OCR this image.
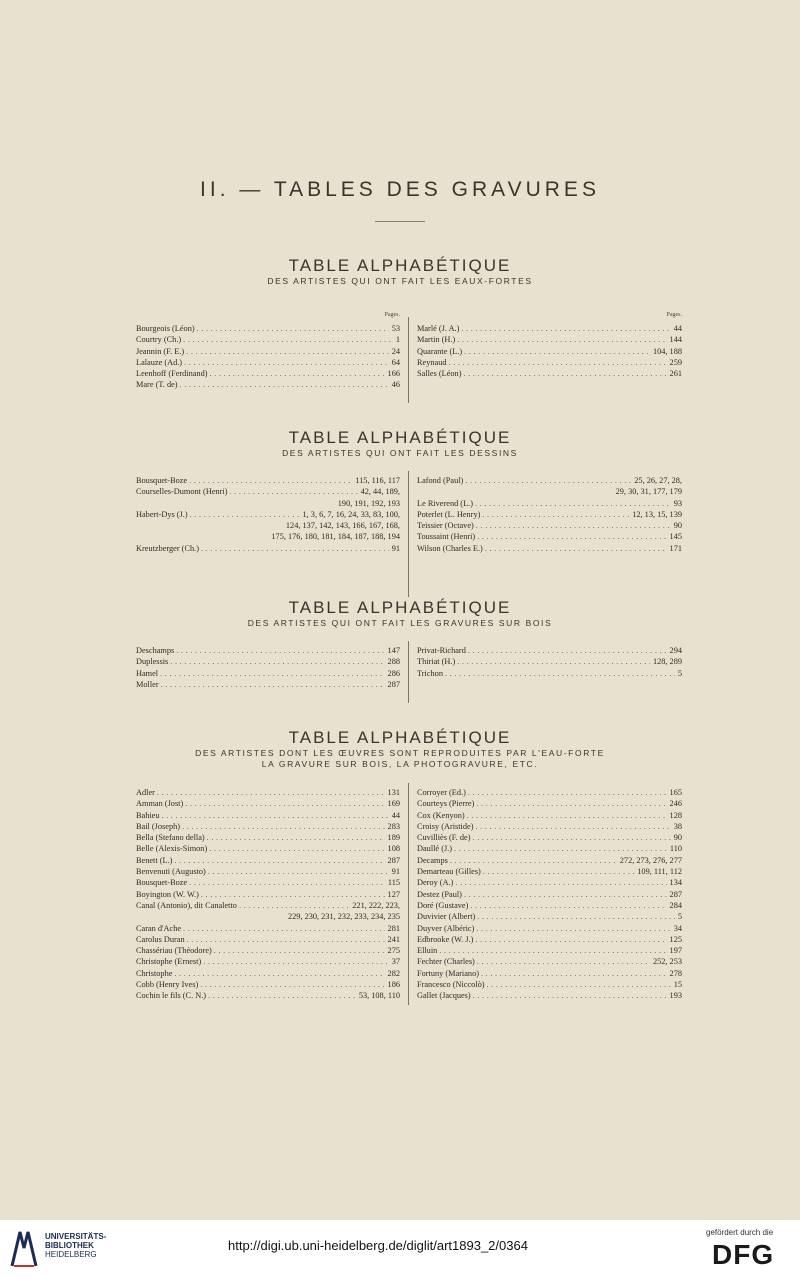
II. — TABLES DES GRAVURES
TABLE ALPHABÉTIQUE
DES ARTISTES QUI ONT FAIT LES EAUX-FORTES
Pages.
Bourgeois (Léon) .....	53
Courtry (Ch.) .....	1
Jeannin (F. E.) .....	24
Lalauze (Ad.) .....	64
Leenhoff (Ferdinand) .....	166
Mare (T. de) .....	46
Pages.
Marlé (J. A.) .....	44
Martin (H.) .....	144
Quarante (L.) .....	104, 188
Reynaud .....	259
Salles (Léon) .....	261
TABLE ALPHABÉTIQUE
DES ARTISTES QUI ONT FAIT LES DESSINS
Bousquet-Boze .....	115, 116, 117
Courselles-Dumont (Henri) .....	42, 44, 189,
190, 191, 192, 193
Habert-Dys (J.) .....	1, 3, 6, 7, 16, 24, 33, 83, 100,
124, 137, 142, 143, 166, 167, 168,
175, 176, 180, 181, 184, 187, 188, 194
Kreutzberger (Ch.) .....	91
Lafond (Paul) .....	25, 26, 27, 28,
29, 30, 31, 177, 179
Le Riverend (L.) .....	93
Poterlet (L. Henry) .....	12, 13, 15, 139
Teissier (Octave) .....	90
Toussaint (Henri) .....	145
Wilson (Charles E.) .....	171
TABLE ALPHABÉTIQUE
DES ARTISTES QUI ONT FAIT LES GRAVURES SUR BOIS
Deschamps .....	147
Duplessis .....	288
Hamel .....	286
Moller .....	287
Privat-Richard .....	294
Thiriat (H.) .....	128, 289
Trichon .....	5
TABLE ALPHABÉTIQUE
DES ARTISTES DONT LES ŒUVRES SONT REPRODUITES PAR L'EAU-FORTE
LA GRAVURE SUR BOIS, LA PHOTOGRAVURE, ETC.
Adler .....	131
Amman (Jost) .....	169
Bahieu .....	44
Bail (Joseph) .....	283
Bella (Stefano della) .....	189
Belle (Alexis-Simon) .....	108
Benett (L.) .....	287
Benvenuti (Augusto) .....	91
Bousquet-Boze .....	115
Boyington (W. W.) .....	127
Canal (Antonio), dit Canaletto .....	221, 222, 223,
229, 230, 231, 232, 233, 234, 235
Caran d'Ache .....	281
Carolus Duran .....	241
Chassériau (Théodore) .....	275
Christophe (Ernest) .....	37
Christophe .....	282
Cobb (Henry Ives) .....	186
Cochin le fils (C. N.) .....	53, 108, 110
Corroyer (Ed.) .....	165
Courteys (Pierre) .....	246
Cox (Kenyon) .....	128
Croisy (Aristide) .....	38
Cuvilliès (F. de) .....	90
Daullé (J.) .....	110
Decamps .....	272, 273, 276, 277
Demarteau (Gilles) .....	109, 111, 112
Deroy (A.) .....	134
Destez (Paul) .....	287
Doré (Gustave) .....	284
Duvivier (Albert) .....	5
Duyver (Albéric) .....	34
Edbrooke (W. J.) .....	125
Elluin .....	197
Fechter (Charles) .....	252, 253
Fortuny (Mariano) .....	278
Francesco (Niccolò) .....	15
Gallet (Jacques) .....	193
UNIVERSITÄTS-
BIBLIOTHEK
HEIDELBERG
http://digi.ub.uni-heidelberg.de/diglit/art1893_2/0364
gefördert durch die
DFG
